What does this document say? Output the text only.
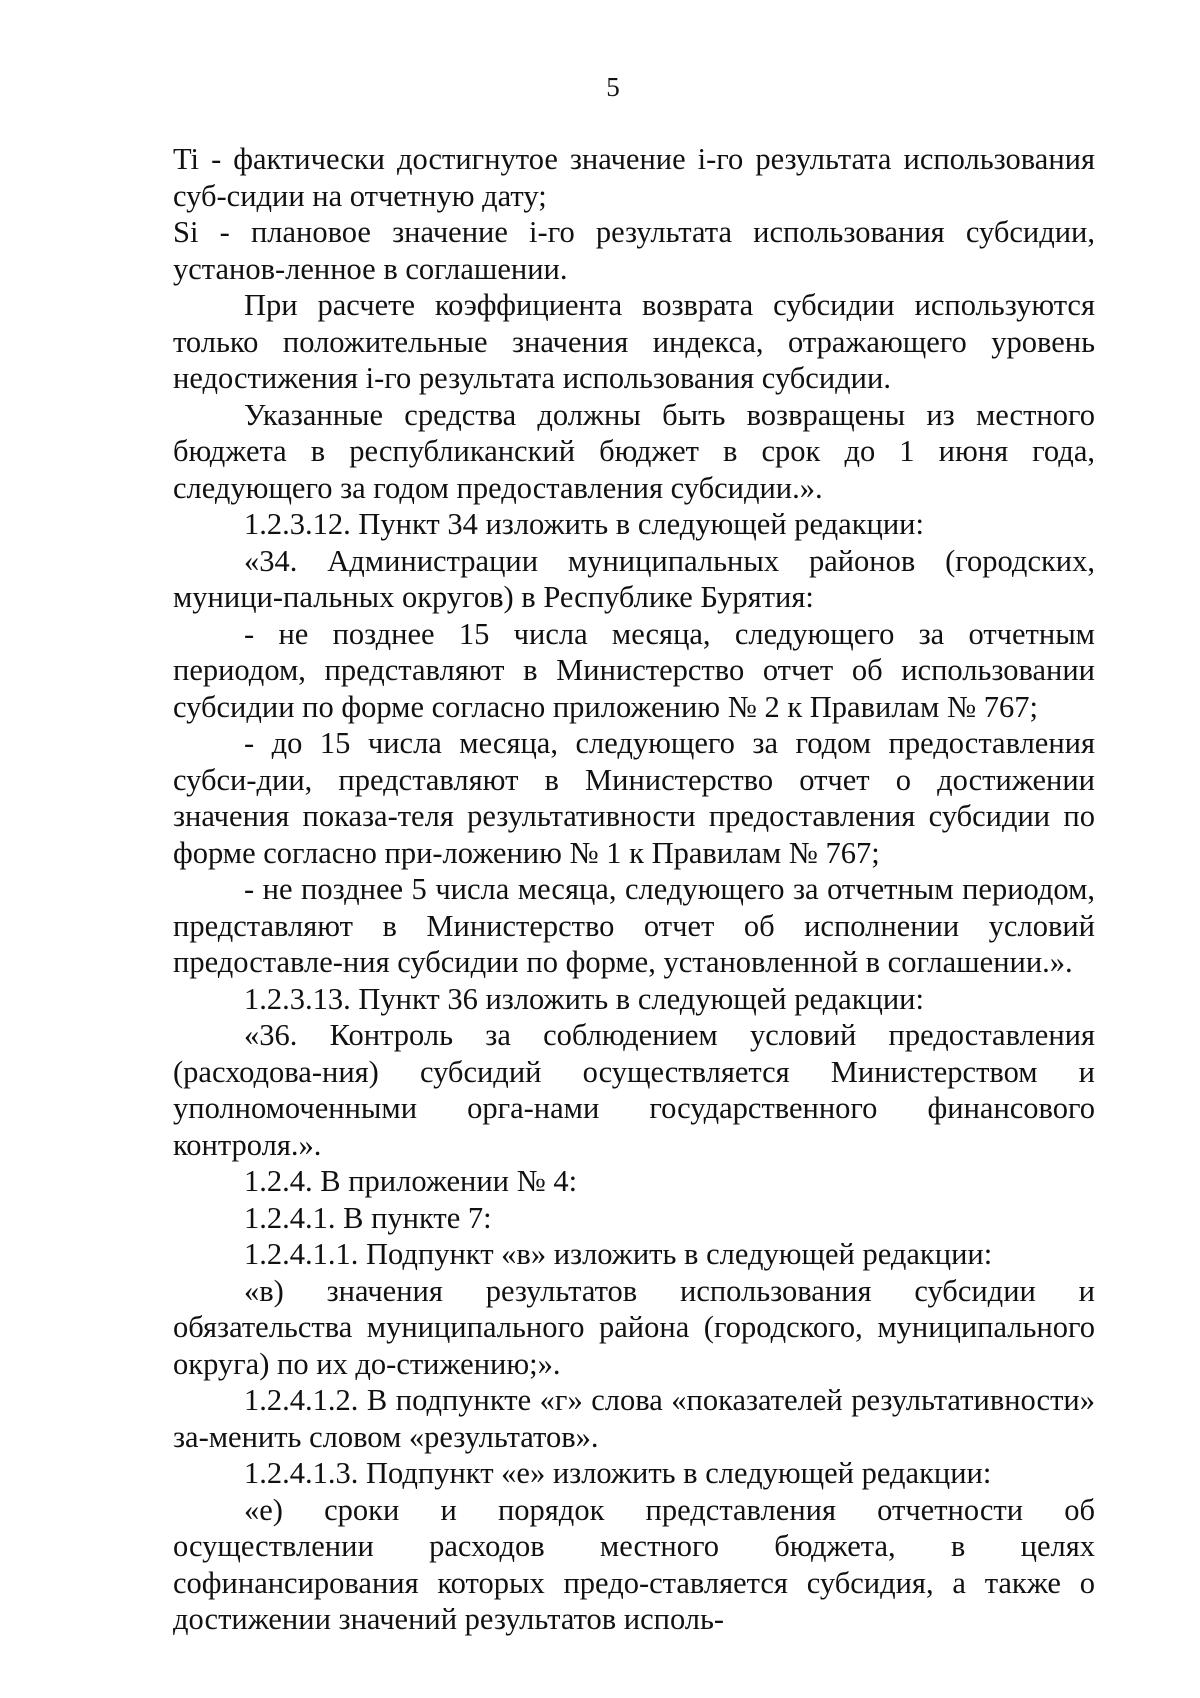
5

Ti - фактически достигнутое значение i-го результата использования суб-сидии на отчетную дату;

Si - плановое значение i-го результата использования субсидии, установ-ленное в соглашении.

При расчете коэффициента возврата субсидии используются только положительные значения индекса, отражающего уровень недостижения i-го результата использования субсидии.

Указанные средства должны быть возвращены из местного бюджета в республиканский бюджет в срок до 1 июня года, следующего за годом предоставления субсидии.».

1.2.3.12. Пункт 34 изложить в следующей редакции:

«34. Администрации муниципальных районов (городских, муници-пальных округов) в Республике Бурятия:

- не позднее 15 числа месяца, следующего за отчетным периодом, представляют в Министерство отчет об использовании субсидии по форме согласно приложению № 2 к Правилам № 767;

- до 15 числа месяца, следующего за годом предоставления субси-дии, представляют в Министерство отчет о достижении значения показа-теля результативности предоставления субсидии по форме согласно при-ложению № 1 к Правилам № 767;

- не позднее 5 числа месяца, следующего за отчетным периодом, представляют в Министерство отчет об исполнении условий предоставле-ния субсидии по форме, установленной в соглашении.».

1.2.3.13. Пункт 36 изложить в следующей редакции:

«36. Контроль за соблюдением условий предоставления (расходова-ния) субсидий осуществляется Министерством и уполномоченными орга-нами государственного финансового контроля.».

1.2.4. В приложении № 4:

1.2.4.1. В пункте 7:

1.2.4.1.1. Подпункт «в» изложить в следующей редакции:

«в) значения результатов использования субсидии и обязательства муниципального района (городского, муниципального округа) по их до-стижению;».

1.2.4.1.2. В подпункте «г» слова «показателей результативности» за-менить словом «результатов».

1.2.4.1.3. Подпункт «е» изложить в следующей редакции:

«е) сроки и порядок представления отчетности об осуществлении расходов местного бюджета, в целях софинансирования которых предо-ставляется субсидия, а также о достижении значений результатов исполь-
